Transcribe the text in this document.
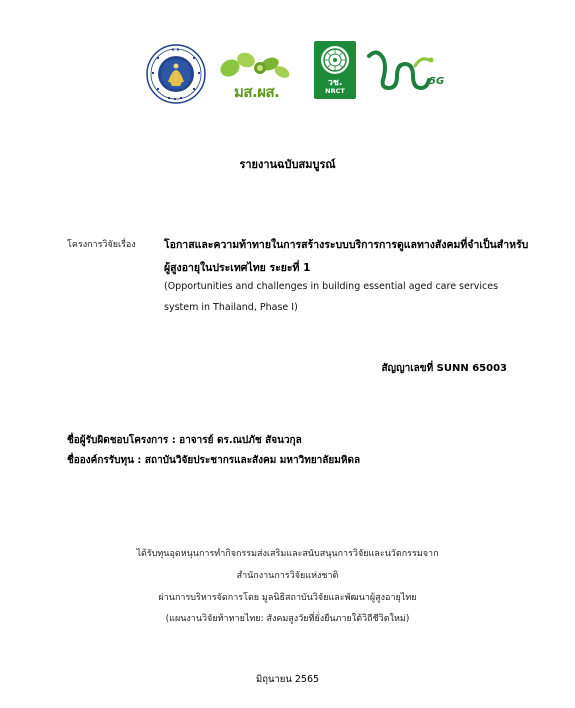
มส.ผส.	วช.
NRCT
5G
รายงานฉบับสมบูรณ์
โครงการวิจัยเรื่อง	โอกาสและความท้าทายในการสร้างระบบบริการการดูแลทางสังคมที่จำเป็นสำหรับ
ผู้สูงอายุในประเทศไทย ระยะที่ 1
(Opportunities and challenges in building essential aged care services
system in Thailand, Phase I)
สัญญาเลขที่ SUNN 65003
ชื่อผู้รับผิดชอบโครงการ : อาจารย์ ดร.ณปภัช สัจนวกุล
ชื่อองค์กรรับทุน : สถาบันวิจัยประชากรและสังคม มหาวิทยาลัยมหิดล
ได้รับทุนอุดหนุนการทำกิจกรรมส่งเสริมและสนับสนุนการวิจัยและนวัตกรรมจาก
สำนักงานการวิจัยแห่งชาติ
ผ่านการบริหารจัดการโดย มูลนิธิสถาบันวิจัยและพัฒนาผู้สูงอายุไทย
(แผนงานวิจัยท้าทายไทย: สังคมสูงวัยที่ยั่งยืนภายใต้วิถีชีวิตใหม่)
มิถุนายน 2565
